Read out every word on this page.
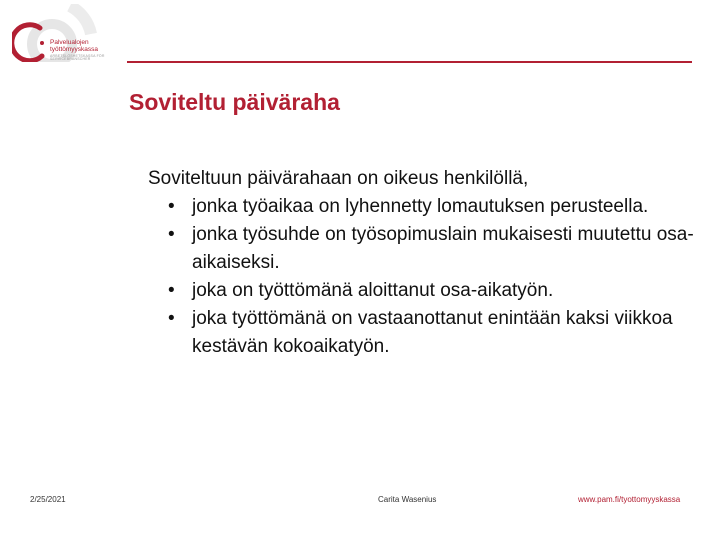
Palvelualojen
työttömyyskassa
ARBETSLÖSHETSKASSA FÖR SERVICEBRANSCHER
Soviteltu päiväraha
Soviteltuun päivärahaan on oikeus henkilöllä,
• jonka työaikaa on lyhennetty lomautuksen perusteella.
• jonka työsuhde on työsopimuslain mukaisesti muutettu osa-aikaiseksi.
• joka on työttömänä aloittanut osa-aikatyön.
• joka työttömänä on vastaanottanut enintään kaksi viikkoa kestävän kokoaikatyön.
2/25/2021	Carita Wasenius	www.pam.fi/tyottomyyskassa
